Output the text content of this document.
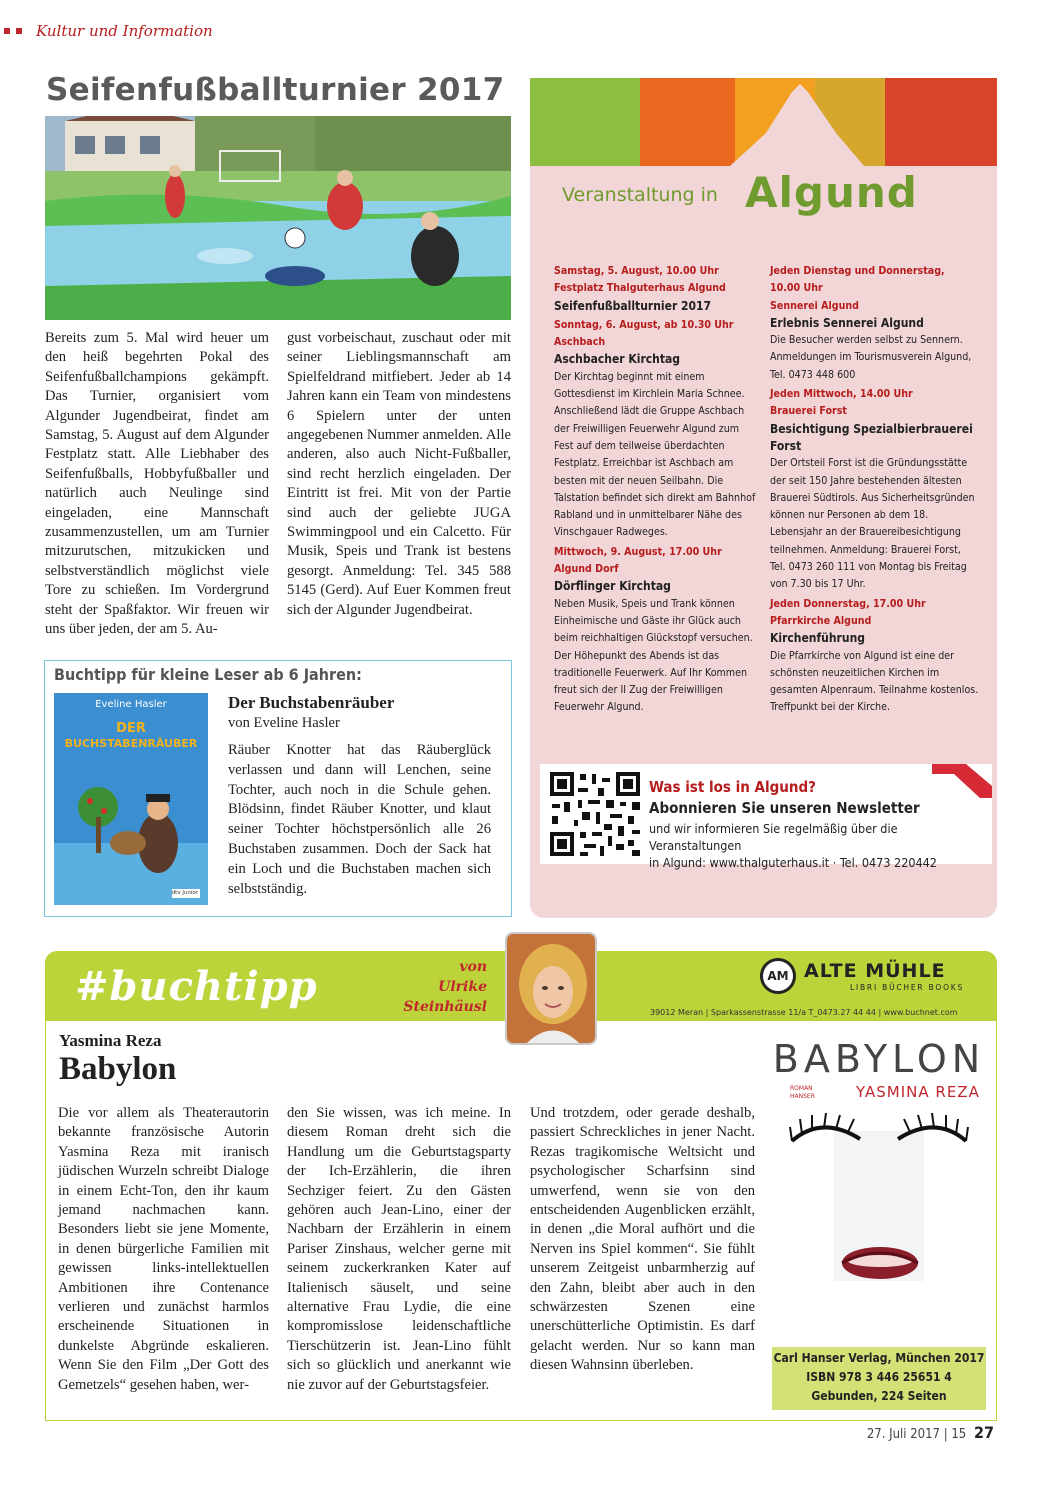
Kultur und Information
Seifenfußballturnier 2017
Bereits zum 5. Mal wird heuer um den heiß begehrten Pokal des Seifenfußballchampions gekämpft. Das Turnier, organisiert vom Algunder Jugendbeirat, findet am Samstag, 5. August auf dem Algunder Festplatz statt. Alle Liebhaber des Seifenfußballs, Hobbyfußballer und natürlich auch Neulinge sind eingeladen, eine Mannschaft zusammenzustellen, um am Turnier mitzurutschen, mitzukicken und selbstverständlich möglichst viele Tore zu schießen. Im Vordergrund steht der Spaßfaktor. Wir freuen wir uns über jeden, der am 5. Au-
gust vorbeischaut, zuschaut oder mit seiner Lieblingsmannschaft am Spielfeldrand mitfiebert. Jeder ab 14 Jahren kann ein Team von mindestens 6 Spielern unter der unten angegebenen Nummer anmelden. Alle anderen, also auch Nicht-Fußballer, sind recht herzlich eingeladen. Der Eintritt ist frei. Mit von der Partie sind auch der geliebte JUGA Swimmingpool und ein Calcetto. Für Musik, Speis und Trank ist bestens gesorgt. Anmeldung: Tel. 345 588 5145 (Gerd). Auf Euer Kommen freut sich der Algunder Jugendbeirat.
Buchtipp für kleine Leser ab 6 Jahren:
Eveline Hasler
DER
BUCHSTABENRÄUBER
dtv junior
Der Buchstabenräuber
von Eveline Hasler
Räuber Knotter hat das Räuberglück verlassen und dann will Lenchen, seine Tochter, auch noch in die Schule gehen. Blödsinn, findet Räuber Knotter, und klaut seiner Tochter höchstpersönlich alle 26 Buchstaben zusammen. Doch der Sack hat ein Loch und die Buchstaben machen sich selbstständig.
Veranstaltung in Algund

Samstag, 5. August, 10.00 Uhr
Festplatz Thalguterhaus Algund

Seifenfußballturnier 2017

Sonntag, 6. August, ab 10.30 Uhr
Aschbach

Aschbacher Kirchtag

Der Kirchtag beginnt mit einem Gottesdienst im Kirchlein Maria Schnee. Anschließend lädt die Gruppe Aschbach der Freiwilligen Feuerwehr Algund zum Fest auf dem teilweise überdachten Festplatz. Erreichbar ist Aschbach am besten mit der neuen Seilbahn. Die Talstation befindet sich direkt am Bahnhof Rabland und in unmittelbarer Nähe des Vinschgauer Radweges.

Mittwoch, 9. August, 17.00 Uhr
Algund Dorf

Dörflinger Kirchtag

Neben Musik, Speis und Trank können Einheimische und Gäste ihr Glück auch beim reichhaltigen Glückstopf versuchen. Der Höhepunkt des Abends ist das traditionelle Feuerwerk. Auf Ihr Kommen freut sich der II Zug der Freiwilligen Feuerwehr Algund.

Jeden Dienstag und Donnerstag,
10.00 Uhr
Sennerei Algund

Erlebnis Sennerei Algund

Die Besucher werden selbst zu Sennern. Anmeldungen im Tourismusverein Algund, Tel. 0473 448 600

Jeden Mittwoch, 14.00 Uhr
Brauerei Forst

Besichtigung Spezialbierbrauerei Forst

Der Ortsteil Forst ist die Gründungsstätte der seit 150 Jahre bestehenden ältesten Brauerei Südtirols. Aus Sicherheitsgründen können nur Personen ab dem 18. Lebensjahr an der Brauereibesichtigung teilnehmen. Anmeldung: Brauerei Forst,
Tel. 0473 260 111 von Montag bis Freitag von 7.30 bis 17 Uhr.

Jeden Donnerstag, 17.00 Uhr
Pfarrkirche Algund

Kirchenführung

Die Pfarrkirche von Algund ist eine der schönsten neuzeitlichen Kirchen im gesamten Alpenraum. Teilnahme kostenlos. Treffpunkt bei der Kirche.

Was ist los in Algund?
Abonnieren Sie unseren Newsletter
und wir informieren Sie regelmäßig über die Veranstaltungen
in Algund: www.thalguterhaus.it · Tel. 0473 220442
#buchtipp	von
Ulrike
Steinhäusl
AM ALTE MÜHLE
LIBRI BÜCHER BOOKS
39012 Meran | Sparkassenstrasse 11/a T_0473.27 44 44 | www.buchnet.com
Yasmina Reza
Babylon
Die vor allem als Theaterautorin bekannte französische Autorin Yasmina Reza mit iranisch jüdischen Wurzeln schreibt Dialoge in einem Echt-Ton, den ihr kaum jemand nachmachen kann. Besonders liebt sie jene Momente, in denen bürgerliche Familien mit gewissen links-intellektuellen Ambitionen ihre Contenance verlieren und zunächst harmlos erscheinende Situationen in dunkelste Abgründe eskalieren. Wenn Sie den Film „Der Gott des Gemetzels“ gesehen haben, wer-
den Sie wissen, was ich meine. In diesem Roman dreht sich die Handlung um die Geburtstagsparty der Ich-Erzählerin, die ihren Sechziger feiert. Zu den Gästen gehören auch Jean-Lino, einer der Nachbarn der Erzählerin in einem Pariser Zinshaus, welcher gerne mit seinem zuckerkranken Kater auf Italienisch säuselt, und seine alternative Frau Lydie, die eine kompromisslose leidenschaftliche Tierschützerin ist. Jean-Lino fühlt sich so glücklich und anerkannt wie nie zuvor auf der Geburtstagsfeier.
Und trotzdem, oder gerade deshalb, passiert Schreckliches in jener Nacht. Rezas tragikomische Weltsicht und psychologischer Scharfsinn sind umwerfend, wenn sie von den entscheidenden Augenblicken erzählt, in denen „die Moral aufhört und die Nerven ins Spiel kommen“. Sie fühlt unserem Zeitgeist unbarmherzig auf den Zahn, bleibt aber auch in den schwärzesten Szenen eine unerschütterliche Optimistin. Es darf gelacht werden. Nur so kann man diesen Wahnsinn überleben.
BABYLON
ROMAN
HANSER	YASMINA REZA
Carl Hanser Verlag, München 2017
ISBN 978 3 446 25651 4
Gebunden, 224 Seiten
27. Juli 2017 | 15 27
